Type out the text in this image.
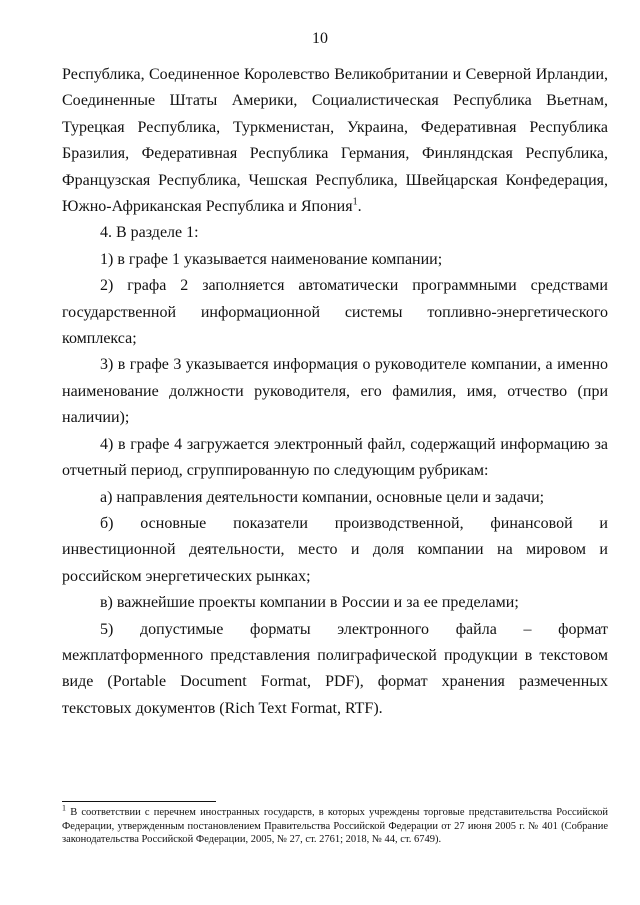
10

Республика, Соединенное Королевство Великобритании и Северной Ирландии, Соединенные Штаты Америки, Социалистическая Республика Вьетнам, Турецкая Республика, Туркменистан, Украина, Федеративная Республика Бразилия, Федеративная Республика Германия, Финляндская Республика, Французская Республика, Чешская Республика, Швейцарская Конфедерация, Южно-Африканская Республика и Япония$^1$.

4. В разделе 1:

1) в графе 1 указывается наименование компании;

2) графа 2 заполняется автоматически программными средствами государственной информационной системы топливно-энергетического комплекса;

3) в графе 3 указывается информация о руководителе компании, а именно наименование должности руководителя, его фамилия, имя, отчество (при наличии);

4) в графе 4 загружается электронный файл, содержащий информацию за отчетный период, сгруппированную по следующим рубрикам:

а) направления деятельности компании, основные цели и задачи;

б) основные показатели производственной, финансовой и инвестиционной деятельности, место и доля компании на мировом и российском энергетических рынках;

в) важнейшие проекты компании в России и за ее пределами;

5) допустимые форматы электронного файла – формат межплатформенного представления полиграфической продукции в текстовом виде (Portable Document Format, PDF), формат хранения размеченных текстовых документов (Rich Text Format, RTF).

$^1$ В соответствии с перечнем иностранных государств, в которых учреждены торговые представительства Российской Федерации, утвержденным постановлением Правительства Российской Федерации от 27 июня 2005 г. № 401 (Собрание законодательства Российской Федерации, 2005, № 27, ст. 2761; 2018, № 44, ст. 6749).
